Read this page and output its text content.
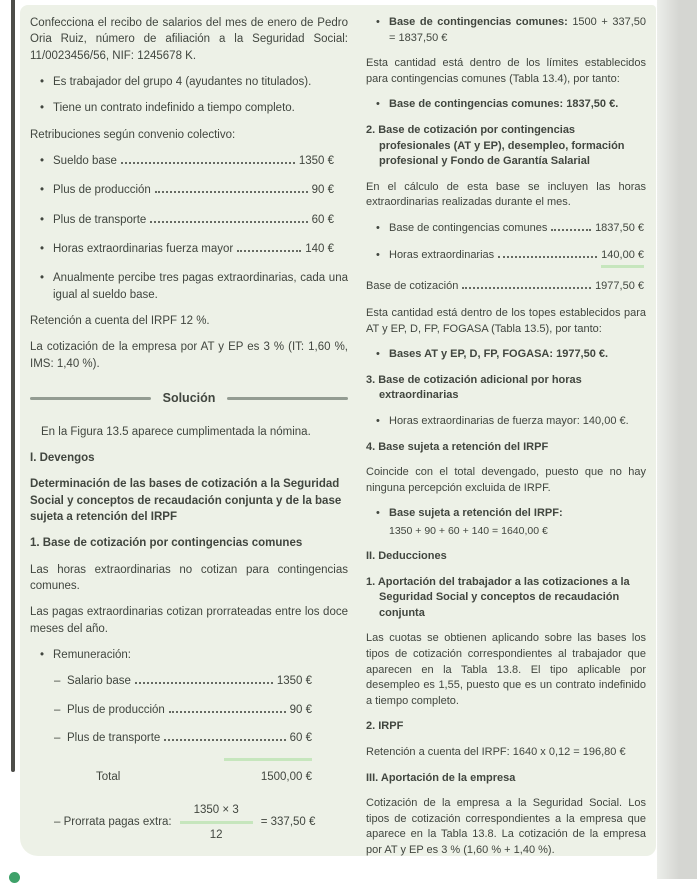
Confecciona el recibo de salarios del mes de enero de Pedro Oria Ruiz, número de afiliación a la Seguridad Social: 11/0023456/56, NIF: 1245678 K.
• Es trabajador del grupo 4 (ayudantes no titulados).
• Tiene un contrato indefinido a tiempo completo.
Retribuciones según convenio colectivo:
• Sueldo base	1350 €
• Plus de producción	90 €
• Plus de transporte	60 €
• Horas extraordinarias fuerza mayor	140 €
• Anualmente percibe tres pagas extraordinarias, cada una igual al sueldo base.
Retención a cuenta del IRPF 12 %.
La cotización de la empresa por AT y EP es 3 % (IT: 1,60 %, IMS: 1,40 %).
Solución
En la Figura 13.5 aparece cumplimentada la nómina.
I. Devengos
Determinación de las bases de cotización a la Seguridad Social y conceptos de recaudación conjunta y de la base sujeta a retención del IRPF
1. Base de cotización por contingencias comunes
Las horas extraordinarias no cotizan para contingencias comunes.
Las pagas extraordinarias cotizan prorrateadas entre los doce meses del año.
• Remuneración:
– Salario base	1350 €
– Plus de producción	90 €
– Plus de transporte	60 €
Total	1500,00 €
– Prorrata pagas extra: $\frac{1350 \times 3}{12} = 337,50$ €
• Base de contingencias comunes: 1500 + 337,50 = 1837,50 €
Esta cantidad está dentro de los límites establecidos para contingencias comunes (Tabla 13.4), por tanto:
• Base de contingencias comunes: 1837,50 €.
2. Base de cotización por contingencias profesionales (AT y EP), desempleo, formación profesional y Fondo de Garantía Salarial
En el cálculo de esta base se incluyen las horas extraordinarias realizadas durante el mes.
• Base de contingencias comunes	1837,50 €
• Horas extraordinarias	140,00 €
Base de cotización	1977,50 €
Esta cantidad está dentro de los topes establecidos para AT y EP, D, FP, FOGASA (Tabla 13.5), por tanto:
• Bases AT y EP, D, FP, FOGASA: 1977,50 €.
3. Base de cotización adicional por horas extraordinarias
• Horas extraordinarias de fuerza mayor: 140,00 €.
4. Base sujeta a retención del IRPF
Coincide con el total devengado, puesto que no hay ninguna percepción excluida de IRPF.
• Base sujeta a retención del IRPF:
1350 + 90 + 60 + 140 = 1640,00 €
II. Deducciones
1. Aportación del trabajador a las cotizaciones a la Seguridad Social y conceptos de recaudación conjunta
Las cuotas se obtienen aplicando sobre las bases los tipos de cotización correspondientes al trabajador que aparecen en la Tabla 13.8. El tipo aplicable por desempleo es 1,55, puesto que es un contrato indefinido a tiempo completo.
2. IRPF
Retención a cuenta del IRPF: 1640 x 0,12 = 196,80 €
III. Aportación de la empresa
Cotización de la empresa a la Seguridad Social. Los tipos de cotización correspondientes a la empresa que aparece en la Tabla 13.8. La cotización de la empresa por AT y EP es 3 % (1,60 % + 1,40 %).
